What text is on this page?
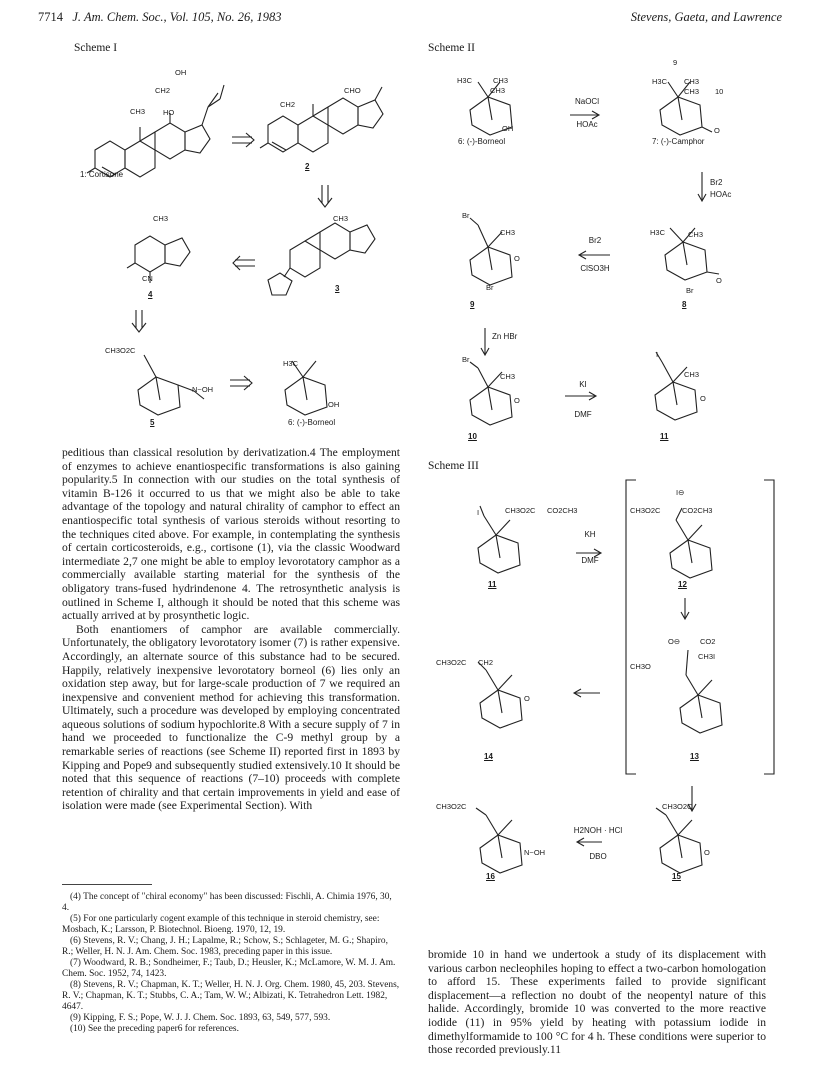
7714 J. Am. Chem. Soc., Vol. 105, No. 26, 1983	Stevens, Gaeta, and Lawrence
Scheme I
OH
CH2
CH3 HO
1: Cortisone
CHO
CH2
2
CH3
3
CH3
CN
4
CH3O2C
N~OH
5
H3C
OH
6: (-)-Borneol
Scheme II
H3C	CH3
CH3
OH
6: (-)-Borneol
NaOCl
HOAc
9
H3C CH3
CH3 10
O
7: (-)-Camphor
Br2
HOAc
H3C	CH3
O
Br
8
Br2
ClSO3H
Br
CH3
O
Br
9
Zn HBr
Br
CH3
O
10
KI
DMF
I
CH3
O
11
Scheme III
I	CH3O2C CO2CH3
KH
DMF
11
I⊖
CH3O2C	CO2CH3
12
O⊖	CO2
CH3I
CH3O
13
CH3O2C CH2
O
14
CH3O2C
O
15
H2NOH · HCl
DBO
CH3O2C
N~OH
16

peditious than classical resolution by derivatization.4 The employment of enzymes to achieve enantiospecific transformations is also gaining popularity.5 In connection with our studies on the total synthesis of vitamin B-126 it occurred to us that we might also be able to take advantage of the topology and natural chirality of camphor to effect an enantiospecific total synthesis of various steroids without resorting to the techniques cited above. For example, in contemplating the synthesis of certain corticosteroids, e.g., cortisone (1), via the classic Woodward intermediate 2,7 one might be able to employ levorotatory camphor as a commercially available starting material for the synthesis of the obligatory trans-fused hydrindenone 4. The retrosynthetic analysis is outlined in Scheme I, although it should be noted that this scheme was actually arrived at by prosynthetic logic.

Both enantiomers of camphor are available commercially. Unfortunately, the obligatory levorotatory isomer (7) is rather expensive. Accordingly, an alternate source of this substance had to be secured. Happily, relatively inexpensive levorotatory borneol (6) lies only an oxidation step away, but for large-scale production of 7 we required an inexpensive and convenient method for achieving this transformation. Ultimately, such a procedure was developed by employing concentrated aqueous solutions of sodium hypochlorite.8 With a secure supply of 7 in hand we proceeded to functionalize the C-9 methyl group by a remarkable series of reactions (see Scheme II) reported first in 1893 by Kipping and Pope9 and subsequently studied extensively.10 It should be noted that this sequence of reactions (7–10) proceeds with complete retention of chirality and that certain improvements in yield and ease of isolation were made (see Experimental Section). With

(4) The concept of "chiral economy" has been discussed: Fischli, A. Chimia 1976, 30, 4.

(5) For one particularly cogent example of this technique in steroid chemistry, see: Mosbach, K.; Larsson, P. Biotechnol. Bioeng. 1970, 12, 19.

(6) Stevens, R. V.; Chang, J. H.; Lapalme, R.; Schow, S.; Schlageter, M. G.; Shapiro, R.; Weller, H. N. J. Am. Chem. Soc. 1983, preceding paper in this issue.

(7) Woodward, R. B.; Sondheimer, F.; Taub, D.; Heusler, K.; McLamore, W. M. J. Am. Chem. Soc. 1952, 74, 1423.

(8) Stevens, R. V.; Chapman, K. T.; Weller, H. N. J. Org. Chem. 1980, 45, 203. Stevens, R. V.; Chapman, K. T.; Stubbs, C. A.; Tam, W. W.; Albizati, K. Tetrahedron Lett. 1982, 4647.

(9) Kipping, F. S.; Pope, W. J. J. Chem. Soc. 1893, 63, 549, 577, 593.

(10) See the preceding paper6 for references.

bromide 10 in hand we undertook a study of its displacement with various carbon necleophiles hoping to effect a two-carbon homologation to afford 15. These experiments failed to provide significant displacement—a reflection no doubt of the neopentyl nature of this halide. Accordingly, bromide 10 was converted to the more reactive iodide (11) in 95% yield by heating with potassium iodide in dimethylformamide to 100 °C for 4 h. These conditions were superior to those recorded previously.11
